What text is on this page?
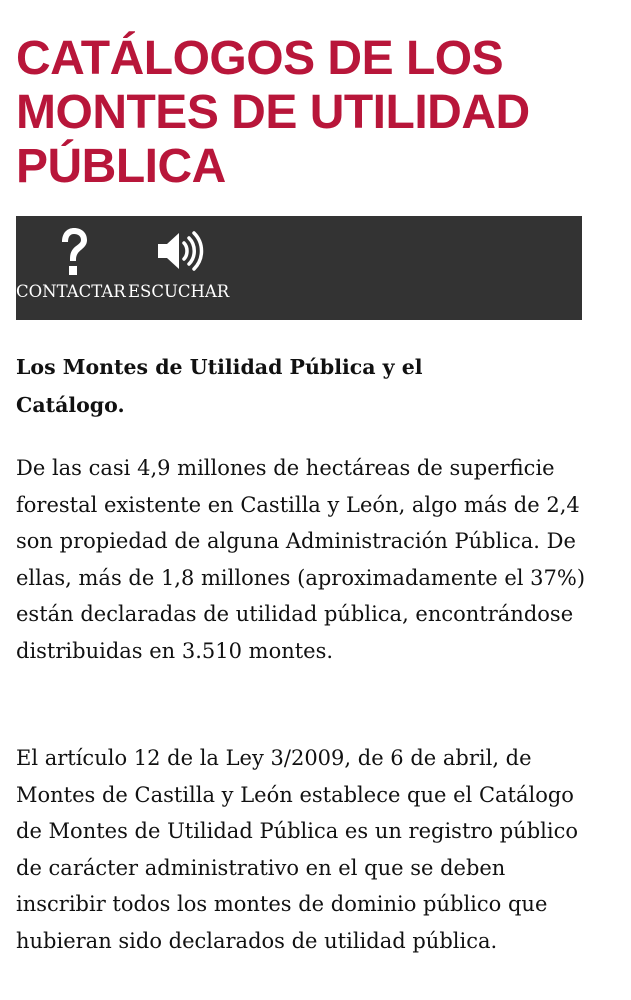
CATÁLOGOS DE LOS MONTES DE UTILIDAD PÚBLICA
CONTACTAR ESCUCHAR
Los Montes de Utilidad Pública y el Catálogo.

De las casi 4,9 millones de hectáreas de superficie forestal existente en Castilla y León, algo más de 2,4 son propiedad de alguna Administración Pública. De ellas, más de 1,8 millones (aproximadamente el 37%) están declaradas de utilidad pública, encontrándose distribuidas en 3.510 montes.

El artículo 12 de la Ley 3/2009, de 6 de abril, de Montes de Castilla y León establece que el Catálogo de Montes de Utilidad Pública es un registro público de carácter administrativo en el que se deben inscribir todos los montes de dominio público que hubieran sido declarados de utilidad pública.
